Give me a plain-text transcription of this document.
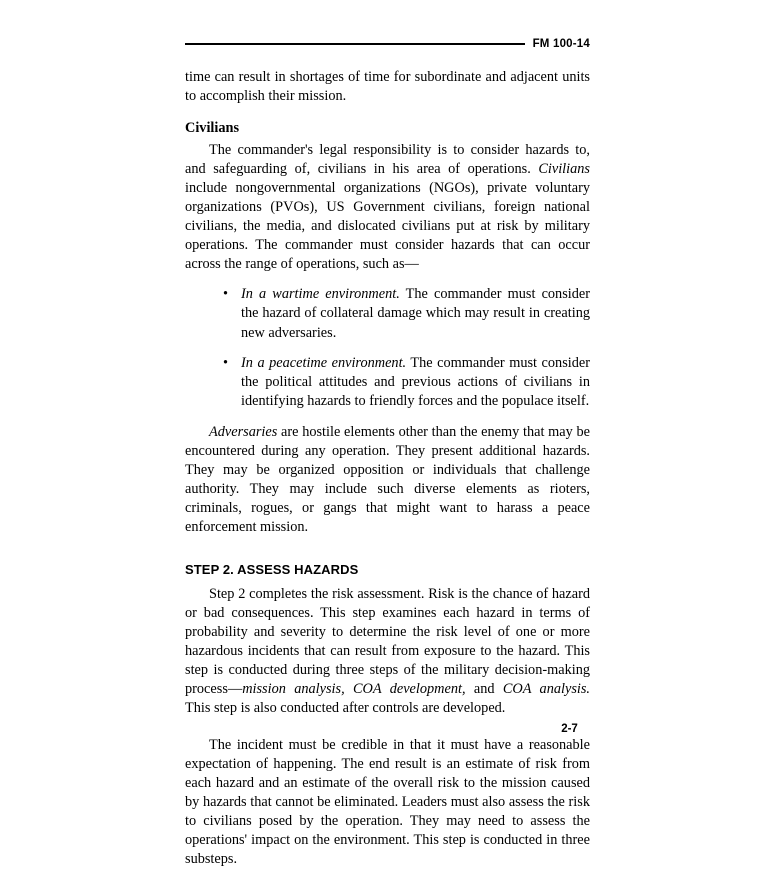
FM 100-14

time can result in shortages of time for subordinate and adjacent units to accomplish their mission.

Civilians

The commander's legal responsibility is to consider hazards to, and safeguarding of, civilians in his area of operations. Civilians include nongovernmental organizations (NGOs), private voluntary organizations (PVOs), US Government civilians, foreign national civilians, the media, and dislocated civilians put at risk by military operations. The commander must consider hazards that can occur across the range of operations, such as—

• In a wartime environment. The commander must consider the hazard of collateral damage which may result in creating new adversaries.
• In a peacetime environment. The commander must consider the political attitudes and previous actions of civilians in identifying hazards to friendly forces and the populace itself.

Adversaries are hostile elements other than the enemy that may be encountered during any operation. They present additional hazards. They may be organized opposition or individuals that challenge authority. They may include such diverse elements as rioters, criminals, rogues, or gangs that might want to harass a peace enforcement mission.

STEP 2. ASSESS HAZARDS

Step 2 completes the risk assessment. Risk is the chance of hazard or bad consequences. This step examines each hazard in terms of probability and severity to determine the risk level of one or more hazardous incidents that can result from exposure to the hazard. This step is conducted during three steps of the military decision-making process—mission analysis, COA development, and COA analysis. This step is also conducted after controls are developed.

The incident must be credible in that it must have a reasonable expectation of happening. The end result is an estimate of risk from each hazard and an estimate of the overall risk to the mission caused by hazards that cannot be eliminated. Leaders must also assess the risk to civilians posed by the operation. They may need to assess the operations' impact on the environment. This step is conducted in three substeps.

2-7
